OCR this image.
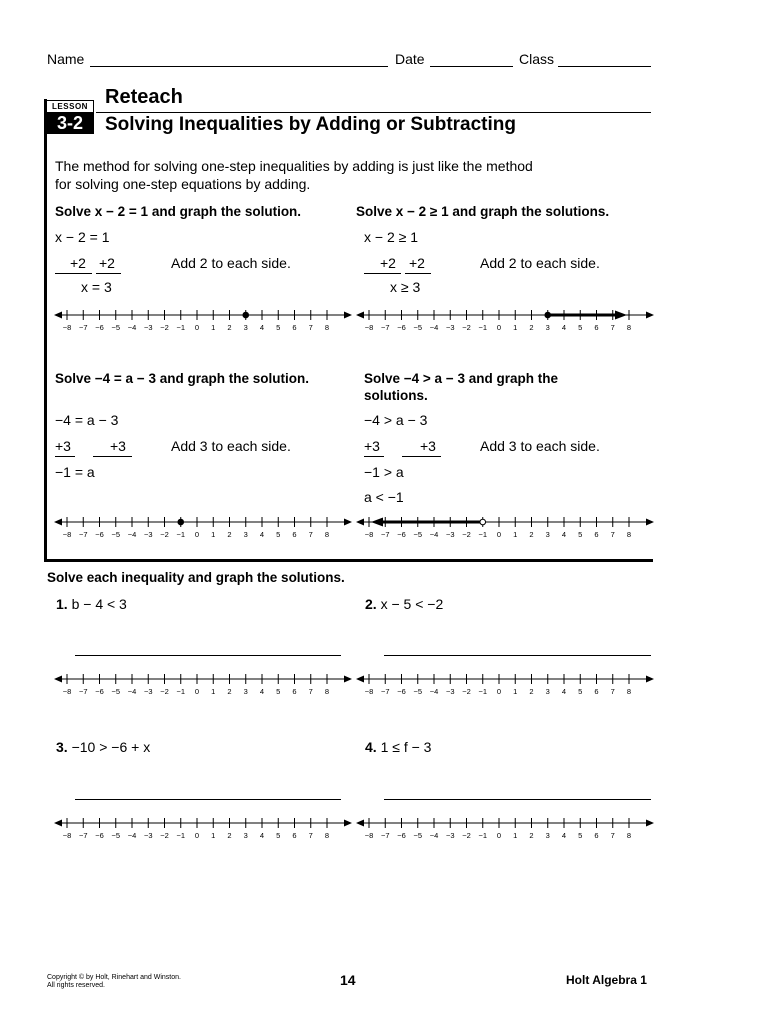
Name	Date	Class
LESSON
3-2
Reteach
Solving Inequalities by Adding or Subtracting
The method for solving one-step inequalities by adding is just like the method
for solving one-step equations by adding.
Solve x − 2 = 1 and graph the solution.
x − 2 = 1
+2 +2	Add 2 to each side.
x = 3
Solve x − 2 ≥ 1 and graph the solutions.
x − 2 ≥ 1
+2 +2	Add 2 to each side.
x ≥ 3
Solve −4 = a − 3 and graph the solution.
−4 = a − 3
+3	+3	Add 3 to each side.
−1 = a
Solve −4 > a − 3 and graph the
solutions.
−4 > a − 3
+3	+3	Add 3 to each side.
−1 > a
a < −1
−8 −7 −6 −5 −4 −3 −2 −1 0 1 2 3 4 5 6 7 8	−8 −7 −6 −5 −4 −3 −2 −1 0 1 2 3 4 5 6 7 8
−8 −7 −6 −5 −4 −3 −2 −1 0 1 2 3 4 5 6 7 8	−8 −7 −6 −5 −4 −3 −2 −1 0 1 2 3 4 5 6 7 8
−8 −7 −6 −5 −4 −3 −2 −1 0 1 2 3 4 5 6 7 8	−8 −7 −6 −5 −4 −3 −2 −1 0 1 2 3 4 5 6 7 8
−8 −7 −6 −5 −4 −3 −2 −1 0 1 2 3 4 5 6 7 8	−8 −7 −6 −5 −4 −3 −2 −1 0 1 2 3 4 5 6 7 8
Solve each inequality and graph the solutions.
1. b − 4 < 3	2. x − 5 < −2
3. −10 > −6 + x	4. 1 ≤ f − 3
Copyright © by Holt, Rinehart and Winston.
All rights reserved.	14	Holt Algebra 1
